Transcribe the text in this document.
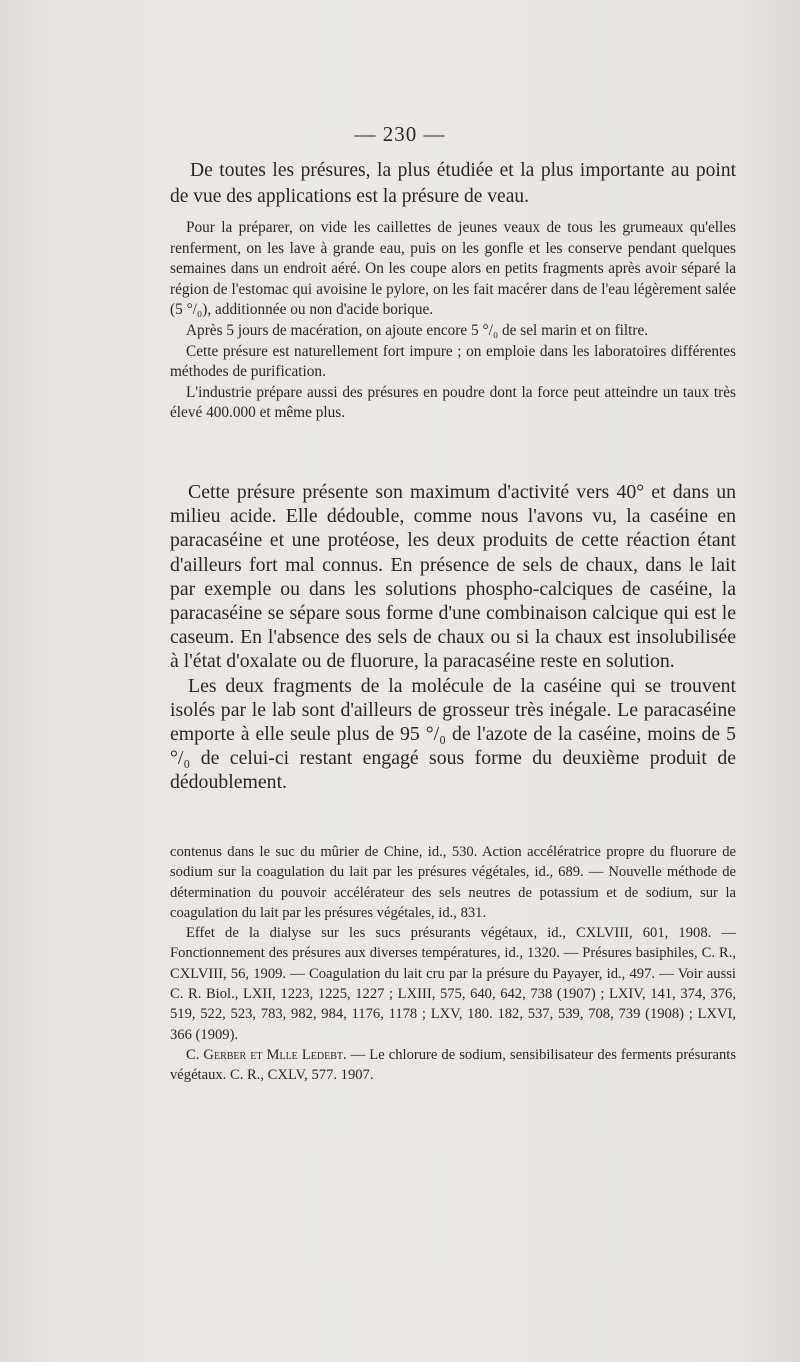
— 230 —

De toutes les présures, la plus étudiée et la plus importante au point de vue des applications est la présure de veau.

Pour la préparer, on vide les caillettes de jeunes veaux de tous les grumeaux qu'elles renferment, on les lave à grande eau, puis on les gonfle et les conserve pendant quelques semaines dans un endroit aéré. On les coupe alors en petits fragments après avoir séparé la région de l'estomac qui avoisine le pylore, on les fait macérer dans de l'eau légèrement salée (5 °/₀), additionnée ou non d'acide borique.

Après 5 jours de macération, on ajoute encore 5 °/₀ de sel marin et on filtre.

Cette présure est naturellement fort impure ; on emploie dans les laboratoires différentes méthodes de purification.

L'industrie prépare aussi des présures en poudre dont la force peut atteindre un taux très élevé 400.000 et même plus.

Cette présure présente son maximum d'activité vers 40° et dans un milieu acide. Elle dédouble, comme nous l'avons vu, la caséine en paracaséine et une protéose, les deux produits de cette réaction étant d'ailleurs fort mal connus. En présence de sels de chaux, dans le lait par exemple ou dans les solutions phospho-calciques de caséine, la paracaséine se sépare sous forme d'une combinaison calcique qui est le caseum. En l'absence des sels de chaux ou si la chaux est insolubilisée à l'état d'oxalate ou de fluorure, la paracaséine reste en solution.

Les deux fragments de la molécule de la caséine qui se trouvent isolés par le lab sont d'ailleurs de grosseur très inégale. Le paracaséine emporte à elle seule plus de 95 °/₀ de l'azote de la caséine, moins de 5 °/₀ de celui-ci restant engagé sous forme du deuxième produit de dédoublement.

contenus dans le suc du mûrier de Chine, id., 530. Action accélératrice propre du fluorure de sodium sur la coagulation du lait par les présures végétales, id., 689. — Nouvelle méthode de détermination du pouvoir accélérateur des sels neutres de potassium et de sodium, sur la coagulation du lait par les présures végétales, id., 831.

Effet de la dialyse sur les sucs présurants végétaux, id., CXLVIII, 601, 1908. — Fonctionnement des présures aux diverses températures, id., 1320. — Présures basiphiles, C. R., CXLVIII, 56, 1909. — Coagulation du lait cru par la présure du Payayer, id., 497. — Voir aussi C. R. Biol., LXII, 1223, 1225, 1227 ; LXIII, 575, 640, 642, 738 (1907) ; LXIV, 141, 374, 376, 519, 522, 523, 783, 982, 984, 1176, 1178 ; LXV, 180. 182, 537, 539, 708, 739 (1908) ; LXVI, 366 (1909).

C. Gerber et Mlle Ledebt. — Le chlorure de sodium, sensibilisateur des ferments présurants végétaux. C. R., CXLV, 577. 1907.
